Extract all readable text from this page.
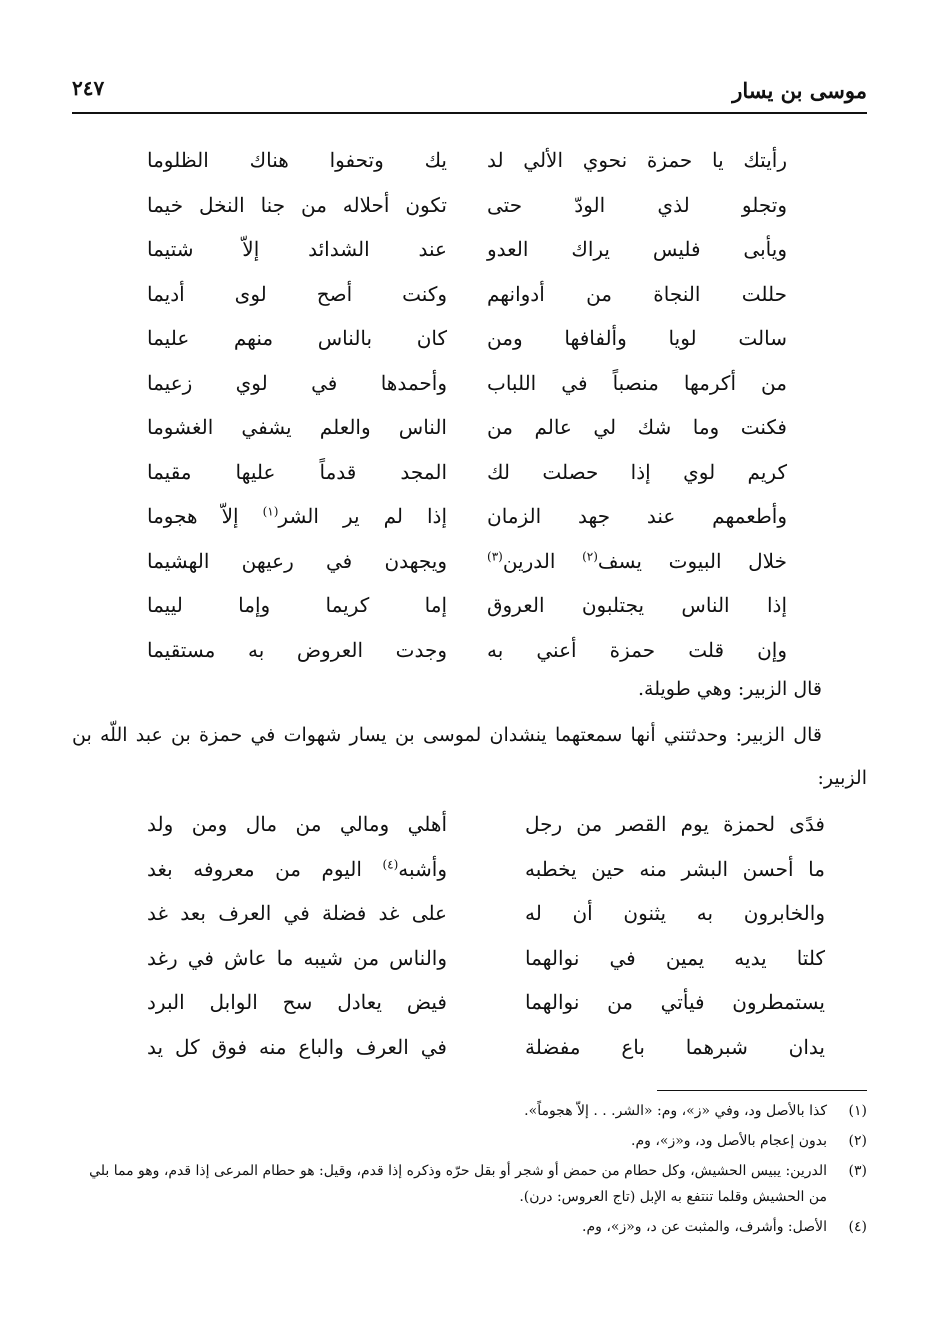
موسى بن يسار
٢٤٧
رأيتك يا حمزة نحوي الألي لد
يك وتحفوا هناك الظلوما
وتجلو لذي الودّ حتى
تكون أحلاله من جنا النخل خيما
ويأبى فليس يراك العدو
عند الشدائد إلاّ شتيما
حللت النجاة من أدوانهم
وكنت أصح لوى أديما
سالت لويا وألفافها ومن
كان بالناس منهم عليما
من أكرمها منصباً في اللباب
وأحمدها في لوي زعيما
فكنت وما شك لي عالم من
الناس والعلم يشفي الغشوما
كريم لوي إذا حصلت لك
المجد قدماً عليها مقيما
وأطعمهم عند جهد الزمان
إذا لم ير الشر$^{(١)}$ إلاّ هجوما
خلال البيوت يسف$^{(٢)}$ الدرين$^{(٣)}$
ويجهدن في رعيهن الهشيما
إذا الناس يجتلبون العروق
إما كريما وإما لييما
وإن قلت حمزة أعني به
وجدت العروض به مستقيما
قال الزبير: وهي طويلة.
قال الزبير: وحدثتني أنها سمعتهما ينشدان لموسى بن يسار شهوات في حمزة بن عبد اللّه بن الزبير:
فدًى لحمزة يوم القصر من رجل
أهلي ومالي من مال ومن ولد
ما أحسن البشر منه حين يخطبه
وأشبه$^{(٤)}$ اليوم من معروفه بغد
والخابرون به يثنون أن له
على غد فضلة في العرف بعد غد
كلتا يديه يمين في نوالهما
والناس من شيبه ما عاش في رغد
يستمطرون فيأتي من نوالهما
فيض يعادل سح الوابل البرد
يدان شبرهما باع مفضلة
في العرف والباع منه فوق كل يد
(١)
كذا بالأصل ود، وفي «ز»، وم: «الشر. . . إلاّ هجوماً».
(٢)
بدون إعجام بالأصل ود، و«ز»، وم.
(٣)
الدرين: يبيس الحشيش، وكل حطام من حمض أو شجر أو بقل حرّه وذكره إذا قدم، وقيل: هو حطام المرعى إذا قدم، وهو مما بلي من الحشيش وقلما تنتفع به الإبل (تاج العروس: درن).
(٤)
الأصل: وأشرف، والمثبت عن د، و«ز»، وم.
